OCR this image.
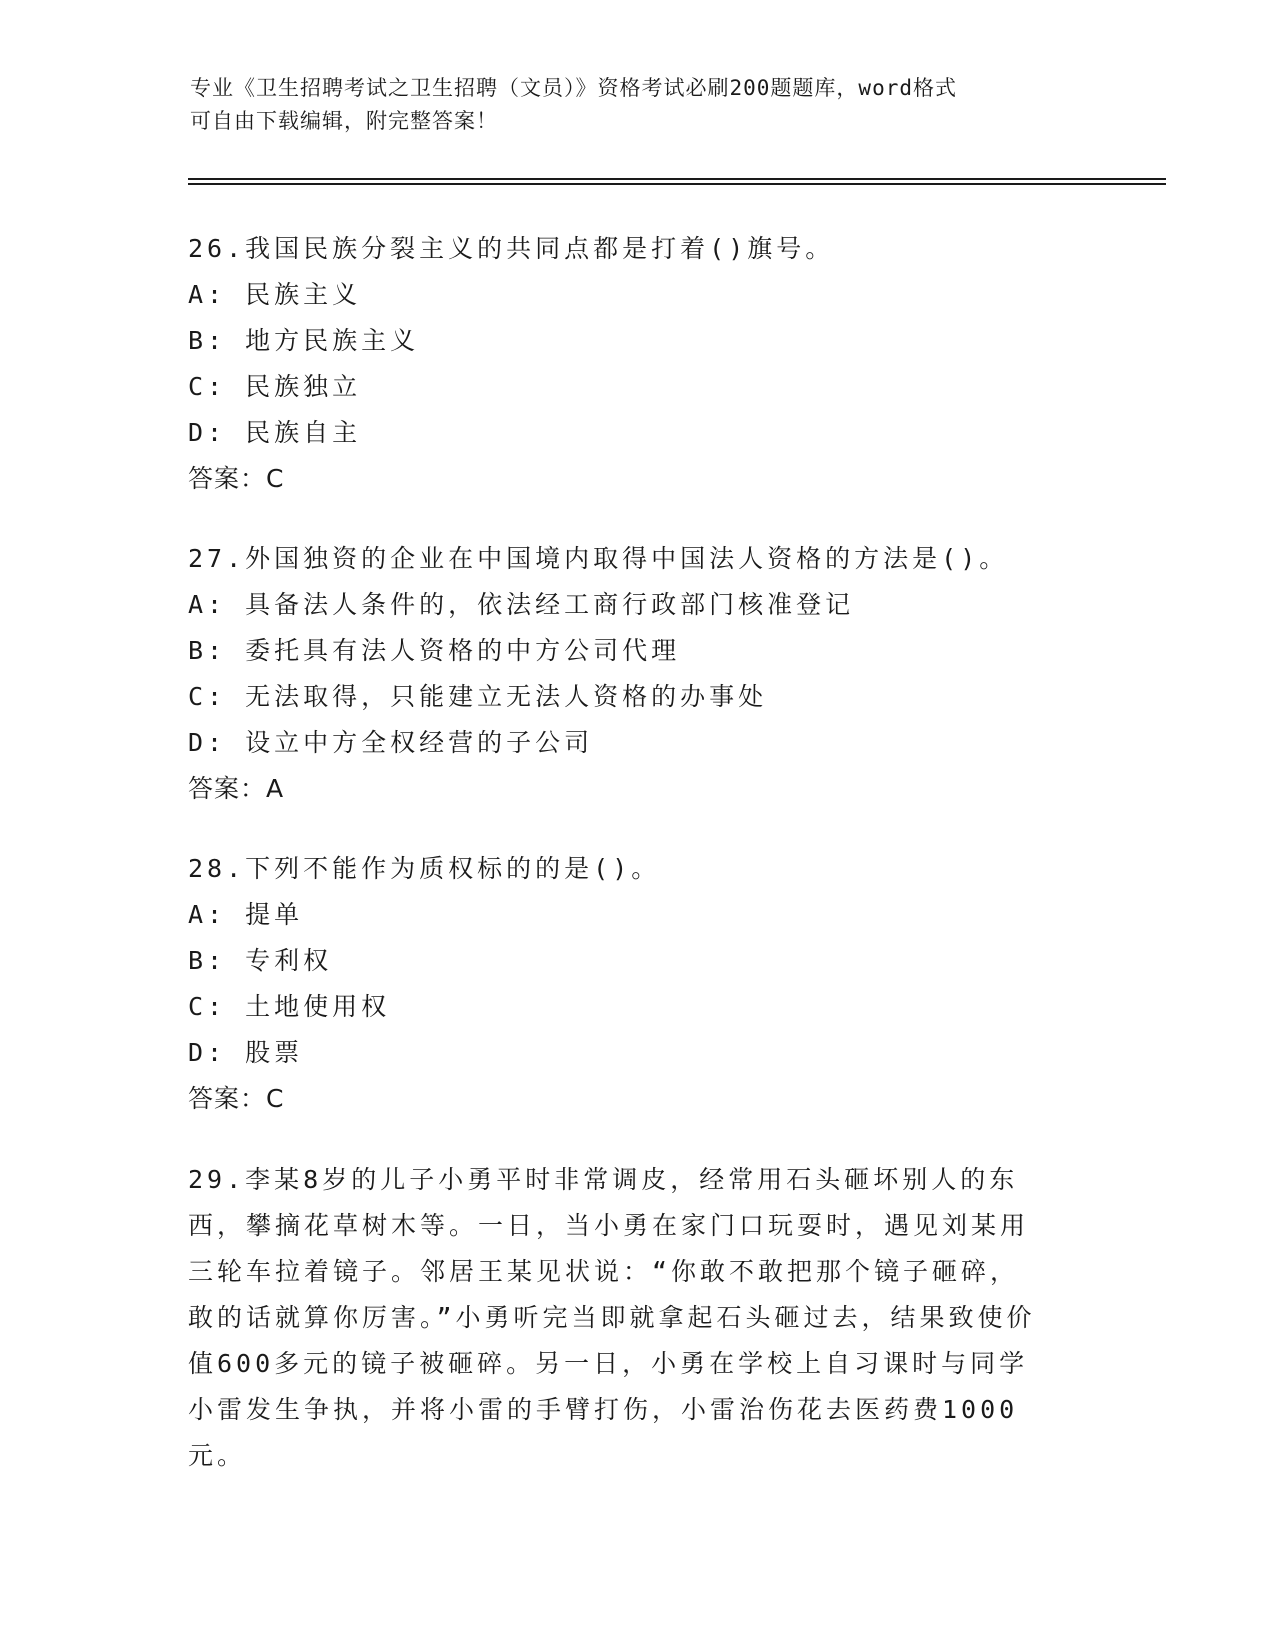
专业《卫生招聘考试之卫生招聘（文员）》资格考试必刷200题题库，word格式
可自由下载编辑，附完整答案！
26.我国民族分裂主义的共同点都是打着()旗号。
A: 民族主义
B: 地方民族主义
C: 民族独立
D: 民族自主
答案：C
27.外国独资的企业在中国境内取得中国法人资格的方法是()。
A: 具备法人条件的，依法经工商行政部门核准登记
B: 委托具有法人资格的中方公司代理
C: 无法取得，只能建立无法人资格的办事处
D: 设立中方全权经营的子公司
答案：A
28.下列不能作为质权标的的是()。
A: 提单
B: 专利权
C: 土地使用权
D: 股票
答案：C
29.李某8岁的儿子小勇平时非常调皮，经常用石头砸坏别人的东西，攀摘花草树木等。一日，当小勇在家门口玩耍时，遇见刘某用三轮车拉着镜子。邻居王某见状说：“你敢不敢把那个镜子砸碎，敢的话就算你厉害。”小勇听完当即就拿起石头砸过去，结果致使价值600多元的镜子被砸碎。另一日，小勇在学校上自习课时与同学小雷发生争执，并将小雷的手臂打伤，小雷治伤花去医药费1000元。
